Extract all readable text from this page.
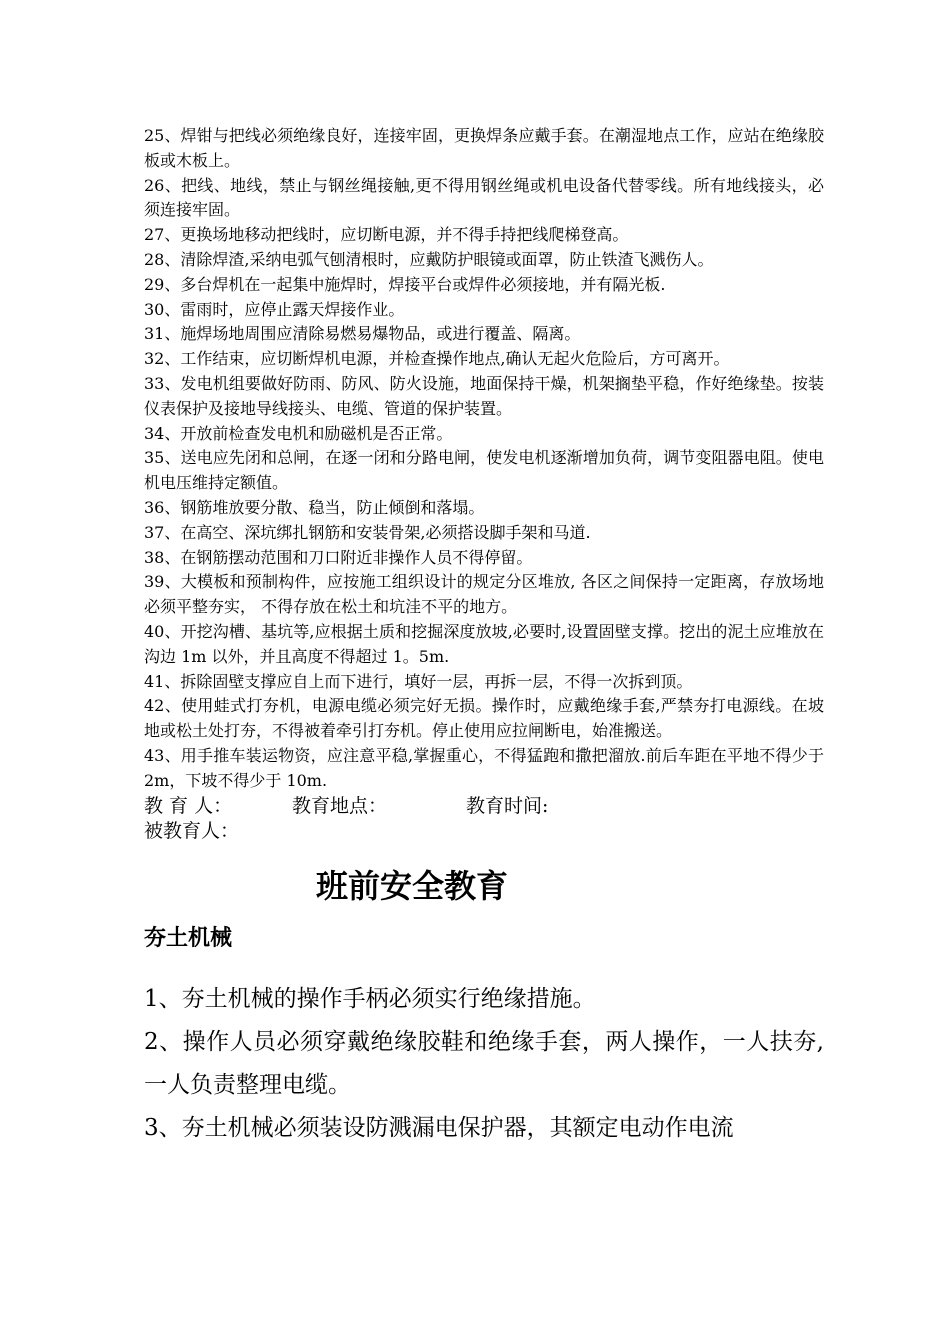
25、焊钳与把线必须绝缘良好，连接牢固，更换焊条应戴手套。在潮湿地点工作，应站在绝缘胶板或木板上。

26、把线、地线，禁止与钢丝绳接触,更不得用钢丝绳或机电设备代替零线。所有地线接头，必须连接牢固。

27、更换场地移动把线时，应切断电源，并不得手持把线爬梯登高。

28、清除焊渣,采纳电弧气刨清根时，应戴防护眼镜或面罩，防止铁渣飞溅伤人。

29、多台焊机在一起集中施焊时，焊接平台或焊件必须接地，并有隔光板.

30、雷雨时，应停止露天焊接作业。

31、施焊场地周围应清除易燃易爆物品，或进行覆盖、隔离。

32、工作结束，应切断焊机电源，并检查操作地点,确认无起火危险后，方可离开。

33、发电机组要做好防雨、防风、防火设施，地面保持干燥，机架搁垫平稳，作好绝缘垫。按装仪表保护及接地导线接头、电缆、管道的保护装置。

34、开放前检查发电机和励磁机是否正常。

35、送电应先闭和总闸，在逐一闭和分路电闸，使发电机逐渐增加负荷，调节变阻器电阻。使电机电压维持定额值。

36、钢筋堆放要分散、稳当，防止倾倒和落塌。

37、在高空、深坑绑扎钢筋和安装骨架,必须搭设脚手架和马道.

38、在钢筋摆动范围和刀口附近非操作人员不得停留。

39、大模板和预制构件，应按施工组织设计的规定分区堆放, 各区之间保持一定距离，存放场地必须平整夯实， 不得存放在松土和坑洼不平的地方。

40、开挖沟槽、基坑等,应根据土质和挖掘深度放坡,必要时,设置固壁支撑。挖出的泥土应堆放在沟边 1m 以外，并且高度不得超过 1。5m.

41、拆除固壁支撑应自上而下进行，填好一层，再拆一层，不得一次拆到顶。

42、使用蛙式打夯机，电源电缆必须完好无损。操作时，应戴绝缘手套,严禁夯打电源线。在坡地或松土处打夯，不得被着牵引打夯机。停止使用应拉闸断电，始准搬送。

43、用手推车装运物资，应注意平稳,掌握重心，不得猛跑和撒把溜放.前后车距在平地不得少于 2m，下坡不得少于 10m.

教 育 人：	教育地点：	教育时间:

被教育人：

班前安全教育
夯土机械

1、夯土机械的操作手柄必须实行绝缘措施。

2、操作人员必须穿戴绝缘胶鞋和绝缘手套，两人操作，一人扶夯,一人负责整理电缆。

3、夯土机械必须装设防溅漏电保护器，其额定电动作电流
